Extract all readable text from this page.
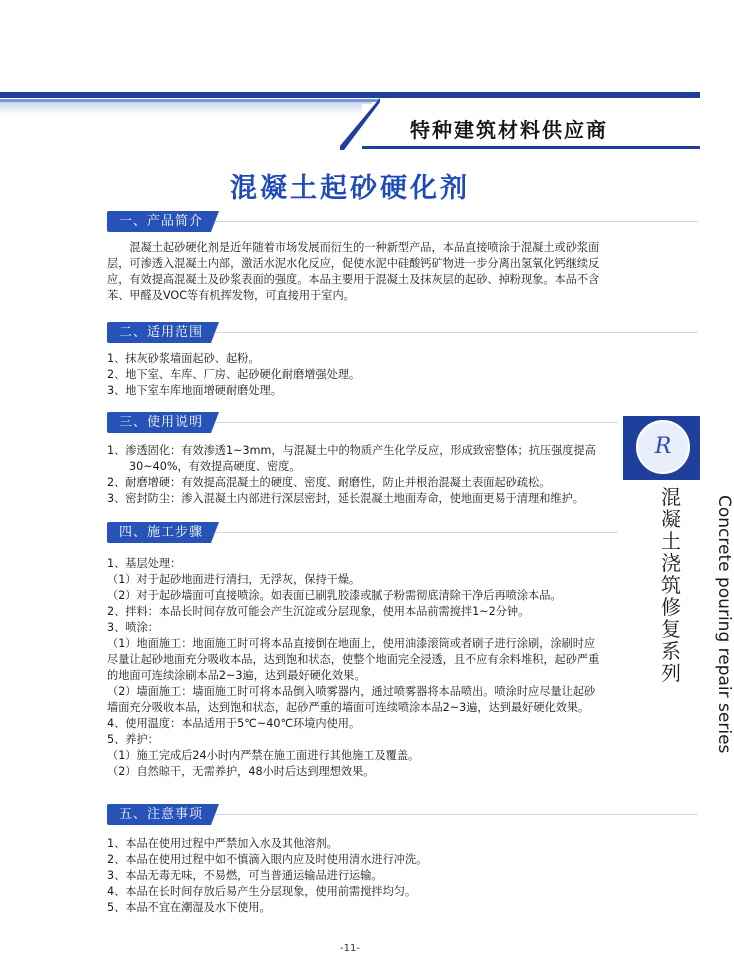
特种建筑材料供应商
混凝土起砂硬化剂
一、产品简介

混凝土起砂硬化剂是近年随着市场发展而衍生的一种新型产品，本品直接喷涂于混凝土或砂浆面层，可渗透入混凝土内部，激活水泥水化反应，促使水泥中硅酸钙矿物进一步分离出氢氧化钙继续反应，有效提高混凝土及砂浆表面的强度。本品主要用于混凝土及抹灰层的起砂、掉粉现象。本品不含苯、甲醛及VOC等有机挥发物，可直接用于室内。

二、适用范围

1、抹灰砂浆墙面起砂、起粉。

2、地下室、车库、厂房、起砂硬化耐磨增强处理。

3、地下室车库地面增硬耐磨处理。

三、使用说明

1、渗透固化：有效渗透1~3mm，与混凝土中的物质产生化学反应，形成致密整体；抗压强度提高

30~40%，有效提高硬度、密度。

2、耐磨增硬：有效提高混凝土的硬度、密度、耐磨性，防止并根治混凝土表面起砂疏松。

3、密封防尘：渗入混凝土内部进行深层密封，延长混凝土地面寿命，使地面更易于清理和维护。

四、施工步骤

1、基层处理：

（1）对于起砂地面进行清扫，无浮灰，保持干燥。

（2）对于起砂墙面可直接喷涂。如表面已刷乳胶漆或腻子粉需彻底清除干净后再喷涂本品。

2、拌料：本品长时间存放可能会产生沉淀或分层现象，使用本品前需搅拌1~2分钟。

3、喷涂：

（1）地面施工：地面施工时可将本品直接倒在地面上，使用油漆滚筒或者刷子进行涂刷，涂刷时应尽量让起砂地面充分吸收本品，达到饱和状态，使整个地面完全浸透，且不应有余料堆积，起砂严重的地面可连续涂刷本品2~3遍，达到最好硬化效果。

（2）墙面施工：墙面施工时可将本品倒入喷雾器内，通过喷雾器将本品喷出。喷涂时应尽量让起砂墙面充分吸收本品，达到饱和状态，起砂严重的墙面可连续喷涂本品2~3遍，达到最好硬化效果。

4、使用温度：本品适用于5℃~40℃环境内使用。

5、养护：

（1）施工完成后24小时内严禁在施工面进行其他施工及覆盖。

（2）自然晾干，无需养护，48小时后达到理想效果。

五、注意事项

1、本品在使用过程中严禁加入水及其他溶剂。

2、本品在使用过程中如不慎滴入眼内应及时使用清水进行冲洗。

3、本品无毒无味，不易燃，可当普通运输品进行运输。

4、本品在长时间存放后易产生分层现象，使用前需搅拌均匀。

5、本品不宜在潮湿及水下使用。

R
混凝土浇筑修复系列 Concrete pouring repair series
-11-
